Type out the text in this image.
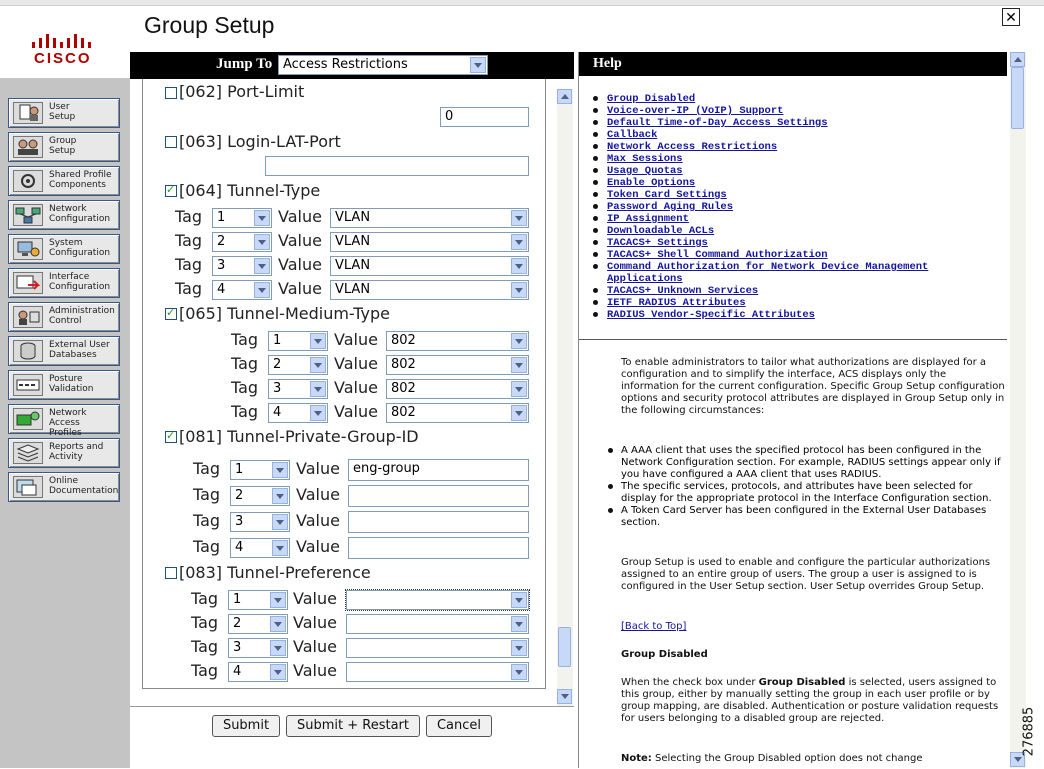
CISCO
User
Setup
Group
Setup
Shared Profile
Components
Network
Configuration
System
Configuration
Interface
Configuration
Administration
Control
External User
Databases
Posture
Validation
Network Access
Profiles
Reports and
Activity
Online
Documentation
Group Setup	✕
Jump To Access Restrictions
[062] Port-Limit
0
[063] Login-LAT-Port
✓
[064] Tunnel-Type
Tag	1	Value	VLAN
Tag	2	Value	VLAN
Tag	3	Value	VLAN
Tag	4	Value	VLAN
✓
[065] Tunnel-Medium-Type
Tag	1	Value	802
Tag	2	Value	802
Tag	3	Value	802
Tag	4	Value	802
✓
[081] Tunnel-Private-Group-ID
Tag	1	Value	eng-group
Tag	2	Value
Tag	3	Value
Tag	4	Value
[083] Tunnel-Preference
Tag	1	Value
Tag	2	Value
Tag	3	Value
Tag	4	Value
Submit	Submit + Restart	Cancel
Help
Group Disabled
Voice-over-IP (VoIP) Support
Default Time-of-Day Access Settings
Callback
Network Access Restrictions
Max Sessions
Usage Quotas
Enable Options
Token Card Settings
Password Aging Rules
IP Assignment
Downloadable ACLs
TACACS+ Settings
TACACS+ Shell Command Authorization
Command Authorization for Network Device Management Applications
TACACS+ Unknown Services
IETF RADIUS Attributes
RADIUS Vendor-Specific Attributes
To enable administrators to tailor what authorizations are displayed for a configuration and to simplify the interface, ACS displays only the information for the current configuration. Specific Group Setup configuration options and security protocol attributes are displayed in Group Setup only in the following circumstances:
A AAA client that uses the specified protocol has been configured in the Network Configuration section. For example, RADIUS settings appear only if you have configured a AAA client that uses RADIUS.
The specific services, protocols, and attributes have been selected for display for the appropriate protocol in the Interface Configuration section.
A Token Card Server has been configured in the External User Databases section.
Group Setup is used to enable and configure the particular authorizations assigned to an entire group of users. The group a user is assigned to is configured in the User Setup section. User Setup overrides Group Setup.
[Back to Top]
Group Disabled
When the check box under Group Disabled is selected, users assigned to this group, either by manually setting the group in each user profile or by group mapping, are disabled. Authentication or posture validation requests for users belonging to a disabled group are rejected.
Note: Selecting the Group Disabled option does not change
276885
